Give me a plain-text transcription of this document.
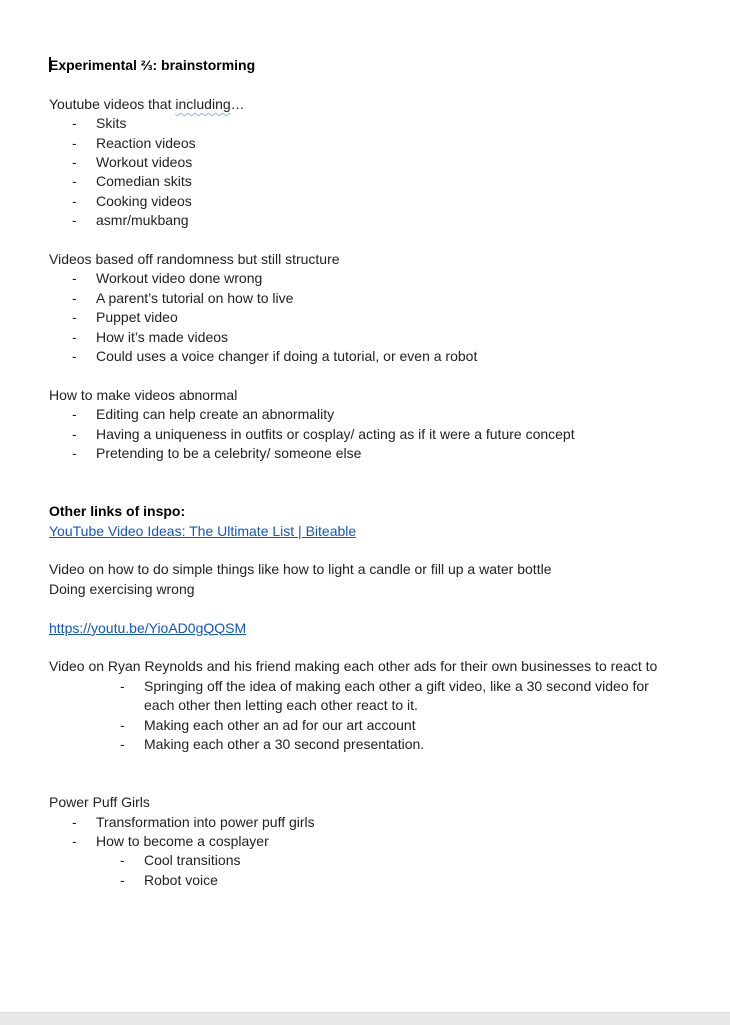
Experimental ⅔: brainstorming
Youtube videos that including…
-	Skits
-	Reaction videos
-	Workout videos
-	Comedian skits
-	Cooking videos
-	asmr/mukbang
Videos based off randomness but still structure
-	Workout video done wrong
-	A parent’s tutorial on how to live
-	Puppet video
-	How it’s made videos
-	Could uses a voice changer if doing a tutorial, or even a robot
How to make videos abnormal
-	Editing can help create an abnormality
-	Having a uniqueness in outfits or cosplay/ acting as if it were a future concept
-	Pretending to be a celebrity/ someone else
Other links of inspo:
YouTube Video Ideas: The Ultimate List | Biteable
Video on how to do simple things like how to light a candle or fill up a water bottle
Doing exercising wrong
https://youtu.be/YioAD0gQQSM
Video on Ryan Reynolds and his friend making each other ads for their own businesses to react to
-	Springing off the idea of making each other a gift video, like a 30 second video for each other then letting each other react to it.
-	Making each other an ad for our art account
-	Making each other a 30 second presentation.
Power Puff Girls
-	Transformation into power puff girls
-	How to become a cosplayer
-	Cool transitions
-	Robot voice
